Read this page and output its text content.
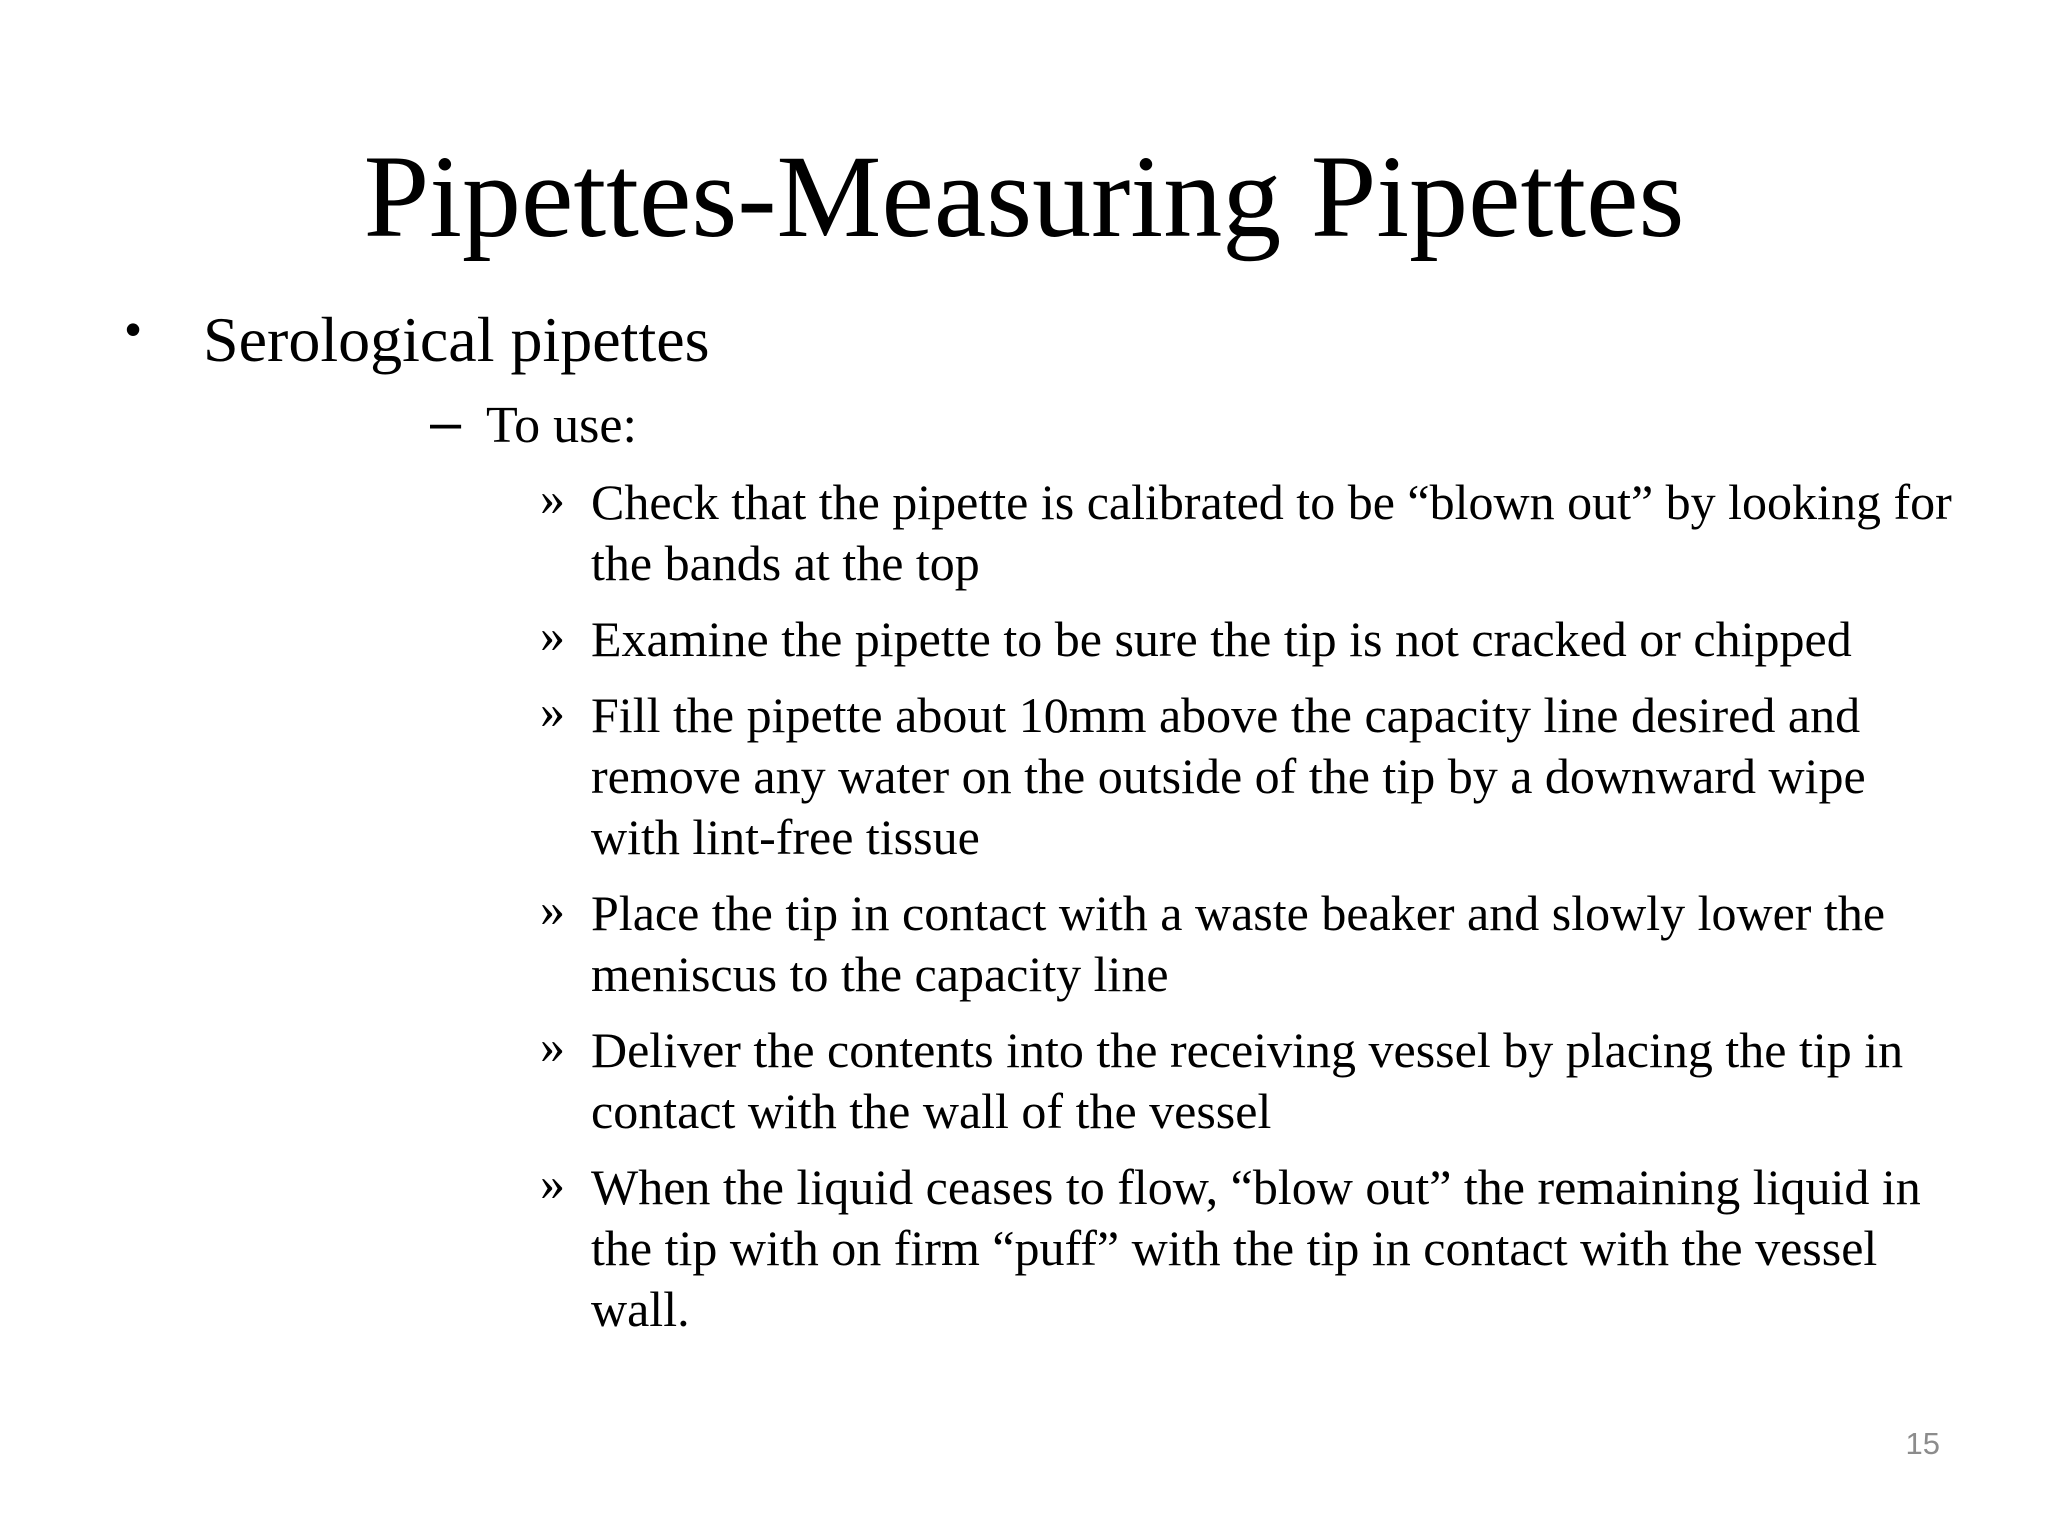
Pipettes-Measuring Pipettes
• Serological pipettes
– To use:
» Check that the pipette is calibrated to be “blown out” by looking for the bands at the top
» Examine the pipette to be sure the tip is not cracked or chipped
» Fill the pipette about 10mm above the capacity line desired and remove any water on the outside of the tip by a downward wipe with lint-free tissue
» Place the tip in contact with a waste beaker and slowly lower the meniscus to the capacity line
» Deliver the contents into the receiving vessel by placing the tip in contact with the wall of the vessel
» When the liquid ceases to flow, “blow out” the remaining liquid in the tip with on firm “puff” with the tip in contact with the vessel wall.
15
